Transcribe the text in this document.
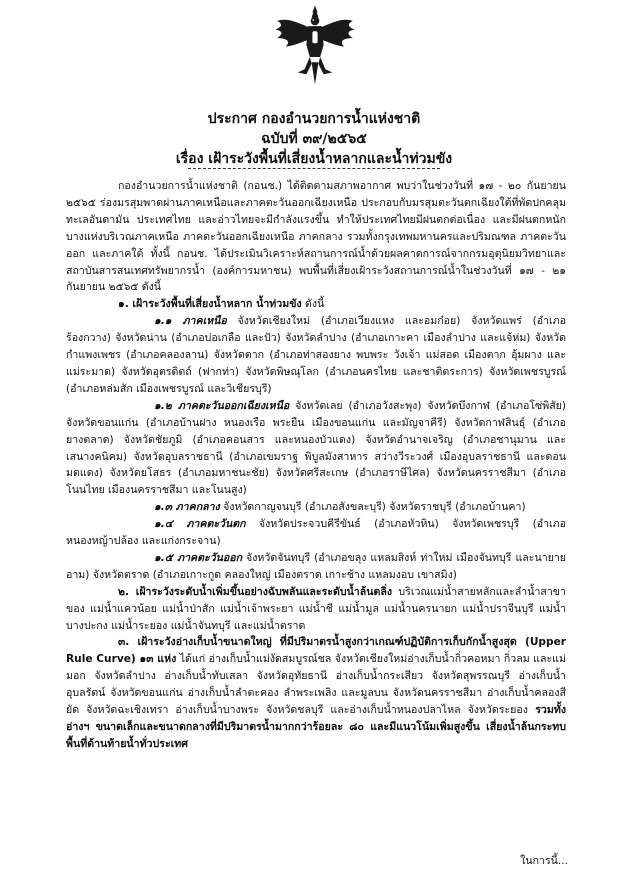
ประกาศ กองอำนวยการน้ำแห่งชาติ
ฉบับที่ ๓๙/๒๕๖๕
เรื่อง เฝ้าระวังพื้นที่เสี่ยงน้ำหลากและน้ำท่วมขัง

กองอำนวยการน้ำแห่งชาติ (กอนช.) ได้ติดตามสภาพอากาศ พบว่าในช่วงวันที่ ๑๗ - ๒๐ กันยายน ๒๕๖๕ ร่องมรสุมพาดผ่านภาคเหนือและภาคตะวันออกเฉียงเหนือ ประกอบกับมรสุมตะวันตกเฉียงใต้ที่พัดปกคลุมทะเลอันดามัน ประเทศไทย และอ่าวไทยจะมีกำลังแรงขึ้น ทำให้ประเทศไทยมีฝนตกต่อเนื่อง และมีฝนตกหนักบางแห่งบริเวณภาคเหนือ ภาคตะวันออกเฉียงเหนือ ภาคกลาง รวมทั้งกรุงเทพมหานครและปริมณฑล ภาคตะวันออก และภาคใต้ ทั้งนี้ กอนช. ได้ประเมินวิเคราะห์สถานการณ์น้ำด้วยผลคาดการณ์จากกรมอุตุนิยมวิทยาและสถาบันสารสนเทศทรัพยากรน้ำ (องค์การมหาชน) พบพื้นที่เสี่ยงเฝ้าระวังสถานการณ์น้ำในช่วงวันที่ ๑๗ - ๒๑ กันยายน ๒๕๖๕ ดังนี้

๑. เฝ้าระวังพื้นที่เสี่ยงน้ำหลาก น้ำท่วมขัง ดังนี้

๑.๑ ภาคเหนือ จังหวัดเชียงใหม่ (อำเภอเวียงแหง และอมก๋อย) จังหวัดแพร่ (อำเภอร้องกวาง) จังหวัดน่าน (อำเภอบ่อเกลือ และปัว) จังหวัดลำปาง (อำเภอเกาะคา เมืองลำปาง และแจ้ห่ม) จังหวัดกำแพงเพชร (อำเภอคลองลาน) จังหวัดตาก (อำเภอท่าสองยาง พบพระ วังเจ้า แม่สอด เมืองตาก อุ้มผาง และแม่ระมาด) จังหวัดอุตรดิตถ์ (ฟากท่า) จังหวัดพิษณุโลก (อำเภอนครไทย และชาติตระการ) จังหวัดเพชรบูรณ์ (อำเภอหล่มสัก เมืองเพชรบูรณ์ และวิเชียรบุรี)

๑.๒ ภาคตะวันออกเฉียงเหนือ จังหวัดเลย (อำเภอวังสะพุง) จังหวัดบึงกาฬ (อำเภอโซ่พิสัย) จังหวัดขอนแก่น (อำเภอบ้านฝาง หนองเรือ พระยืน เมืองขอนแก่น และมัญจาคีรี) จังหวัดกาฬสินธุ์ (อำเภอยางตลาด) จังหวัดชัยภูมิ (อำเภอคอนสาร และหนองบัวแดง) จังหวัดอำนาจเจริญ (อำเภอชานุมาน และเสนางคนิคม) จังหวัดอุบลราชธานี (อำเภอเขมราฐ พิบูลมังสาหาร สว่างวีระวงศ์ เมืองอุบลราชธานี และดอนมดแดง) จังหวัดยโสธร (อำเภอมหาชนะชัย) จังหวัดศรีสะเกษ (อำเภอราษีไศล) จังหวัดนครราชสีมา (อำเภอโนนไทย เมืองนครราชสีมา และโนนสูง)

๑.๓ ภาคกลาง จังหวัดกาญจนบุรี (อำเภอสังขละบุรี) จังหวัดราชบุรี (อำเภอบ้านคา)

๑.๔ ภาคตะวันตก จังหวัดประจวบคีรีขันธ์ (อำเภอหัวหิน) จังหวัดเพชรบุรี (อำเภอหนองหญ้าปล้อง และแก่งกระจาน)

๑.๕ ภาคตะวันออก จังหวัดจันทบุรี (อำเภอขลุง แหลมสิงห์ ท่าใหม่ เมืองจันทบุรี และนายายอาม) จังหวัดตราด (อำเภอเกาะกูด คลองใหญ่ เมืองตราด เกาะช้าง แหลมงอบ เขาสมิง)

๒. เฝ้าระวังระดับน้ำเพิ่มขึ้นอย่างฉับพลันและระดับน้ำล้นตลิ่ง บริเวณแม่น้ำสายหลักและลำน้ำสาขา ของ แม่น้ำแควน้อย แม่น้ำป่าสัก แม่น้ำเจ้าพระยา แม่น้ำชี แม่น้ำมูล แม่น้ำนครนายก แม่น้ำปราจีนบุรี แม่น้ำบางปะกง แม่น้ำระยอง แม่น้ำจันทบุรี และแม่น้ำตราด

๓. เฝ้าระวังอ่างเก็บน้ำขนาดใหญ่ ที่มีปริมาตรน้ำสูงกว่าเกณฑ์ปฏิบัติการเก็บกักน้ำสูงสุด (Upper Rule Curve) ๑๓ แห่ง ได้แก่ อ่างเก็บน้ำแม่งัดสมบูรณ์ชล จังหวัดเชียงใหม่อ่างเก็บน้ำกิ่วคอหมา กิ่วลม และแม่มอก จังหวัดลำปาง อ่างเก็บน้ำทับเสลา จังหวัดอุทัยธานี อ่างเก็บน้ำกระเสียว จังหวัดสุพรรณบุรี อ่างเก็บน้ำอุบลรัตน์ จังหวัดขอนแก่น อ่างเก็บน้ำลำตะคอง ลำพระเพลิง และมูลบน จังหวัดนครราชสีมา อ่างเก็บน้ำคลองสียัด จังหวัดฉะเชิงเทรา อ่างเก็บน้ำบางพระ จังหวัดชลบุรี และอ่างเก็บน้ำหนองปลาไหล จังหวัดระยอง รวมทั้งอ่างฯ ขนาดเล็กและขนาดกลางที่มีปริมาตรน้ำมากกว่าร้อยละ ๘๐ และมีแนวโน้มเพิ่มสูงขึ้น เสี่ยงน้ำล้นกระทบพื้นที่ด้านท้ายน้ำทั่วประเทศ

ในการนี้...
